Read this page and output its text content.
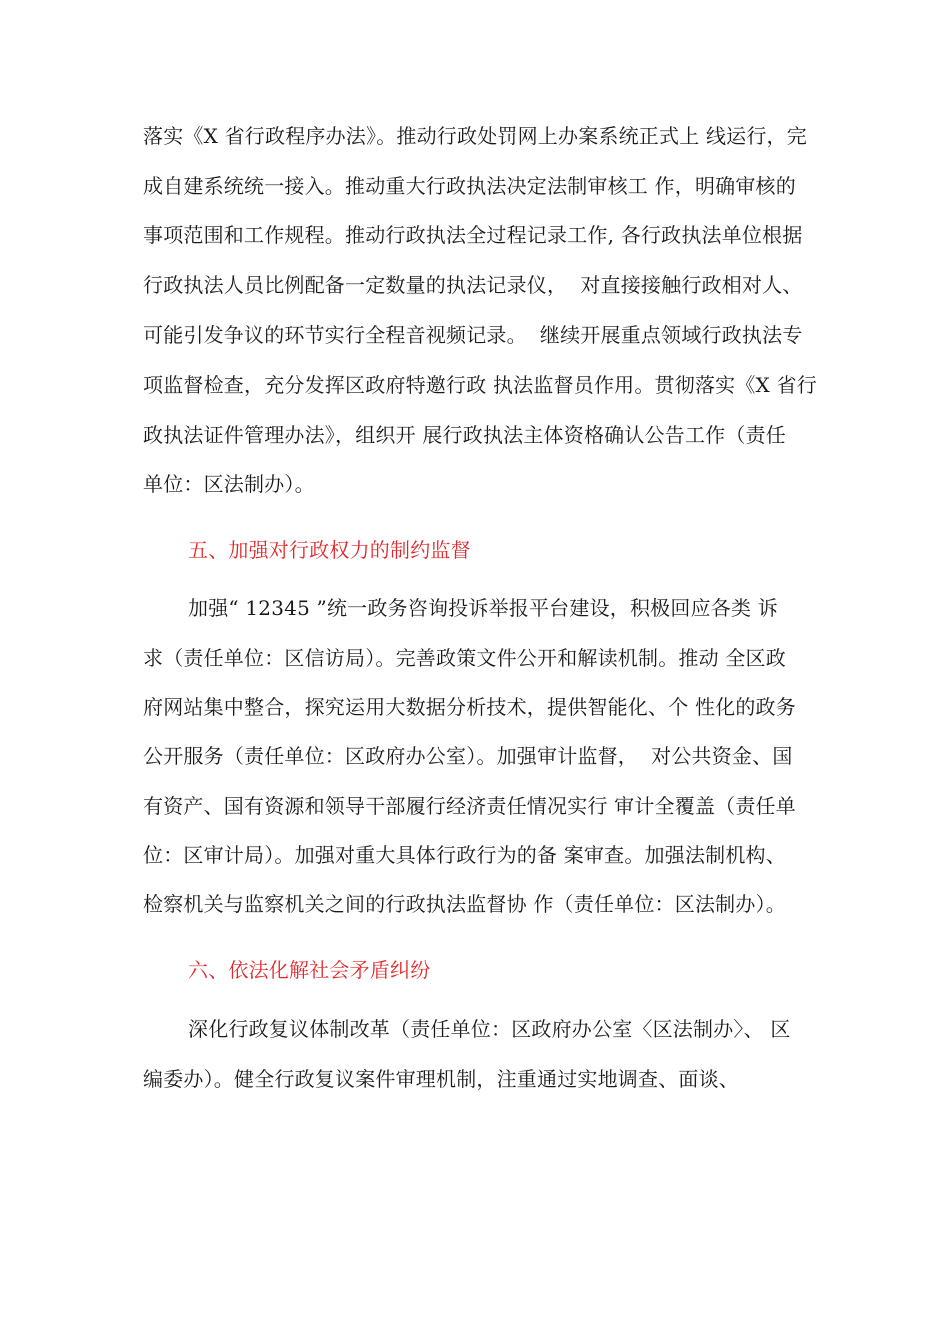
落实《X 省行政程序办法》。推动行政处罚网上办案系统正式上 线运行，完
成自建系统统一接入。推动重大行政执法决定法制审核工 作，明确审核的
事项范围和工作规程。推动行政执法全过程记录工作, 各行政执法单位根据
行政执法人员比例配备一定数量的执法记录仪，  对直接接触行政相对人、
可能引发争议的环节实行全程音视频记录。  继续开展重点领域行政执法专
项监督检查，充分发挥区政府特邀行政 执法监督员作用。贯彻落实《X 省行
政执法证件管理办法》，组织开 展行政执法主体资格确认公告工作（责任
单位：区法制办）。
五、加强对行政权力的制约监督
加强“ 12345 ”统一政务咨询投诉举报平台建设，积极回应各类 诉
求（责任单位：区信访局）。完善政策文件公开和解读机制。推动 全区政
府网站集中整合，探究运用大数据分析技术，提供智能化、个 性化的政务
公开服务（责任单位：区政府办公室）。加强审计监督，  对公共资金、国
有资产、国有资源和领导干部履行经济责任情况实行 审计全覆盖（责任单
位：区审计局）。加强对重大具体行政行为的备 案审查。加强法制机构、
检察机关与监察机关之间的行政执法监督协 作（责任单位：区法制办）。
六、依法化解社会矛盾纠纷
深化行政复议体制改革（责任单位：区政府办公室〈区法制办〉、 区
编委办）。健全行政复议案件审理机制，注重通过实地调查、面谈、
